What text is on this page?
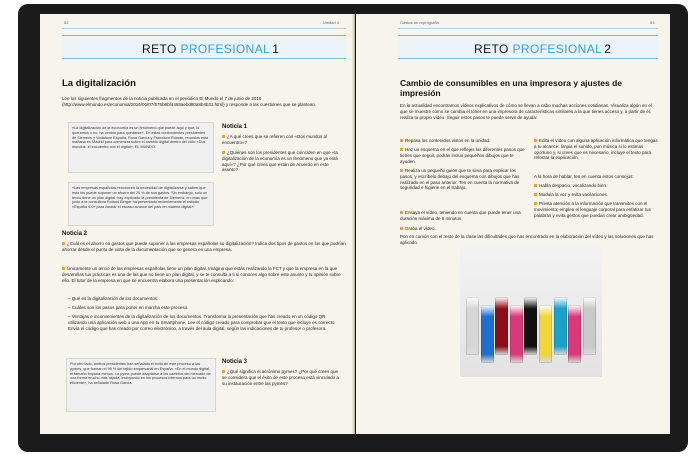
52	Unidad 4
RETO PROFESIONAL 1
La digitalización
Lee los siguientes fragmentos de la noticia publicada en el periódico El Mundo el 7 de junio de 2016 (http://www.elmundo.es/economia/2016/06/07/575b9bf4468aebd80a8b4b31.html) y responde a las cuestiones que se plantean.
«La digitalización de la economía es un fenómeno que puede aquí y que, lo queramos o no, ha venido para quedarse». En estas contundentes presidentes de Siemens y Vodafone España, Rosa García y Francisco Román, reunidos esta mañana en Madrid para comenzar sobre el cambio digital dentro del ciclo «Dos mundos: el encuentro con el digital», EL MUNDO.
«Las empresas españolas reconocen la necesidad de digitalizarse y saben que esto les puede suponer un ahorro del 20 % de sus gastos. Sin embargo, solo un tercio tiene un plan digital, hay explicado la presidenta de Siemens, en unas que junto a la consultora Roland Berger ha presentado recientemente el estudio «España 4.0» para ilustrar el escaso avance del país en materia digital».
Por otro lado, ambos presidentes han señalado el éxito de este proceso a las pymes, que forman el 99 % del tejido empresarial en España. «En el mundo digital, el tamaño importa menos. La pyme puede adaptarse a los cambios del mercado de una forma mucho más rápida, incluyendo en los procesos internos para un modo eficiente», ha señalado Rosa García.
Noticia 1
¿A qué crees que se refieren con «Dos mundos al encuentro»?
¿Quiénes son los presidentes que coinciden en que «la digitalización de la economía es un fenómeno que ya está aquí»? ¿Por qué crees que están de acuerdo en este asunto?
Noticia 2
¿Cuál es el ahorro en gastos que puede suponer a las empresas españolas su digitalización? Indica dos tipos de gastos en los que podrían ahorrar desde el punto de vista de la documentación que se genera en una empresa.
Únicamente un tercio de las empresas españolas tiene un plan digital. Imagina que estás realizando la FCT y que la empresa en la que desarrollas tus prácticas es una de las que no tiene un plan digital, y se te consulta a ti si conoces algo sobre este asunto y tu opinión sobre ello. El tutor de la empresa en que se encuentra elabora una presentación explicando:
– Qué es la digitalización de los documentos.
– Cuáles son los pasos para poner en marcha este proceso.
– Ventajas e inconvenientes de la digitalización de los documentos. Transforma la presentación que has creado en un código QR utilizando una aplicación web o una App en tu Smartphone. Lee el código creado para comprobar que el texto que incluye es correcto. Envía el código que has creado por correo electrónico, a través del aula digital, según las indicaciones de tu profesor o profesora.
Noticia 3
¿Qué significa el acrónimo pymes? ¿Por qué crees que se considera que el éxito de este proceso está vinculado a su instauración entre las pymes?
Gastos de reprografía	53
RETO PROFESIONAL 2
Cambio de consumibles en una impresora y ajustes de impresión
En la actualidad encontramos vídeos explicativos de cómo se llevan a cabo muchas acciones cotidianas. Visualiza algún en el que se muestre cómo se cambia el tóner en una impresora de características similares a la que tienes acceso y, a partir de él, realiza tu propio vídeo. Seguir estos pasos te puede servir de ayuda:
Repasa los contenidos vistos en la unidad.
Haz un esquema en el que reflejes los diferentes pasos que tienes que seguir, podrás incluir pequeños dibujos que te ayuden.
Realiza un pequeño guion que te sirva para explicar los pasos, y escríbelo debajo del esquema con dibujos que has realizado en el paso anterior. Ten en cuenta la normativa de seguridad e higiene en el trabajo.
Ensaya el vídeo, teniendo en cuenta que puede tener una duración máxima de 6 minutos.
Graba el vídeo.
Edita el vídeo con alguna aplicación informática que tengas a tu alcance: limpia el sonido, pon música si lo estimas oportuno y, si crees que es necesario, incluye el texto para reforzar la explicación.
A la hora de hablar, ten en cuenta estos consejos:
Habla despacio, vocalizando bien.
Modula la voz y evita vacilaciones.
Presta atención a la información que transmites con el movimiento; emplea el lenguaje corporal para enfatizar tus palabras y evita gestos que puedan crear ambigüedad.
Pon en común con el resto de la clase las dificultades que has encontrado en la elaboración del vídeo y las soluciones que has aplicado.
